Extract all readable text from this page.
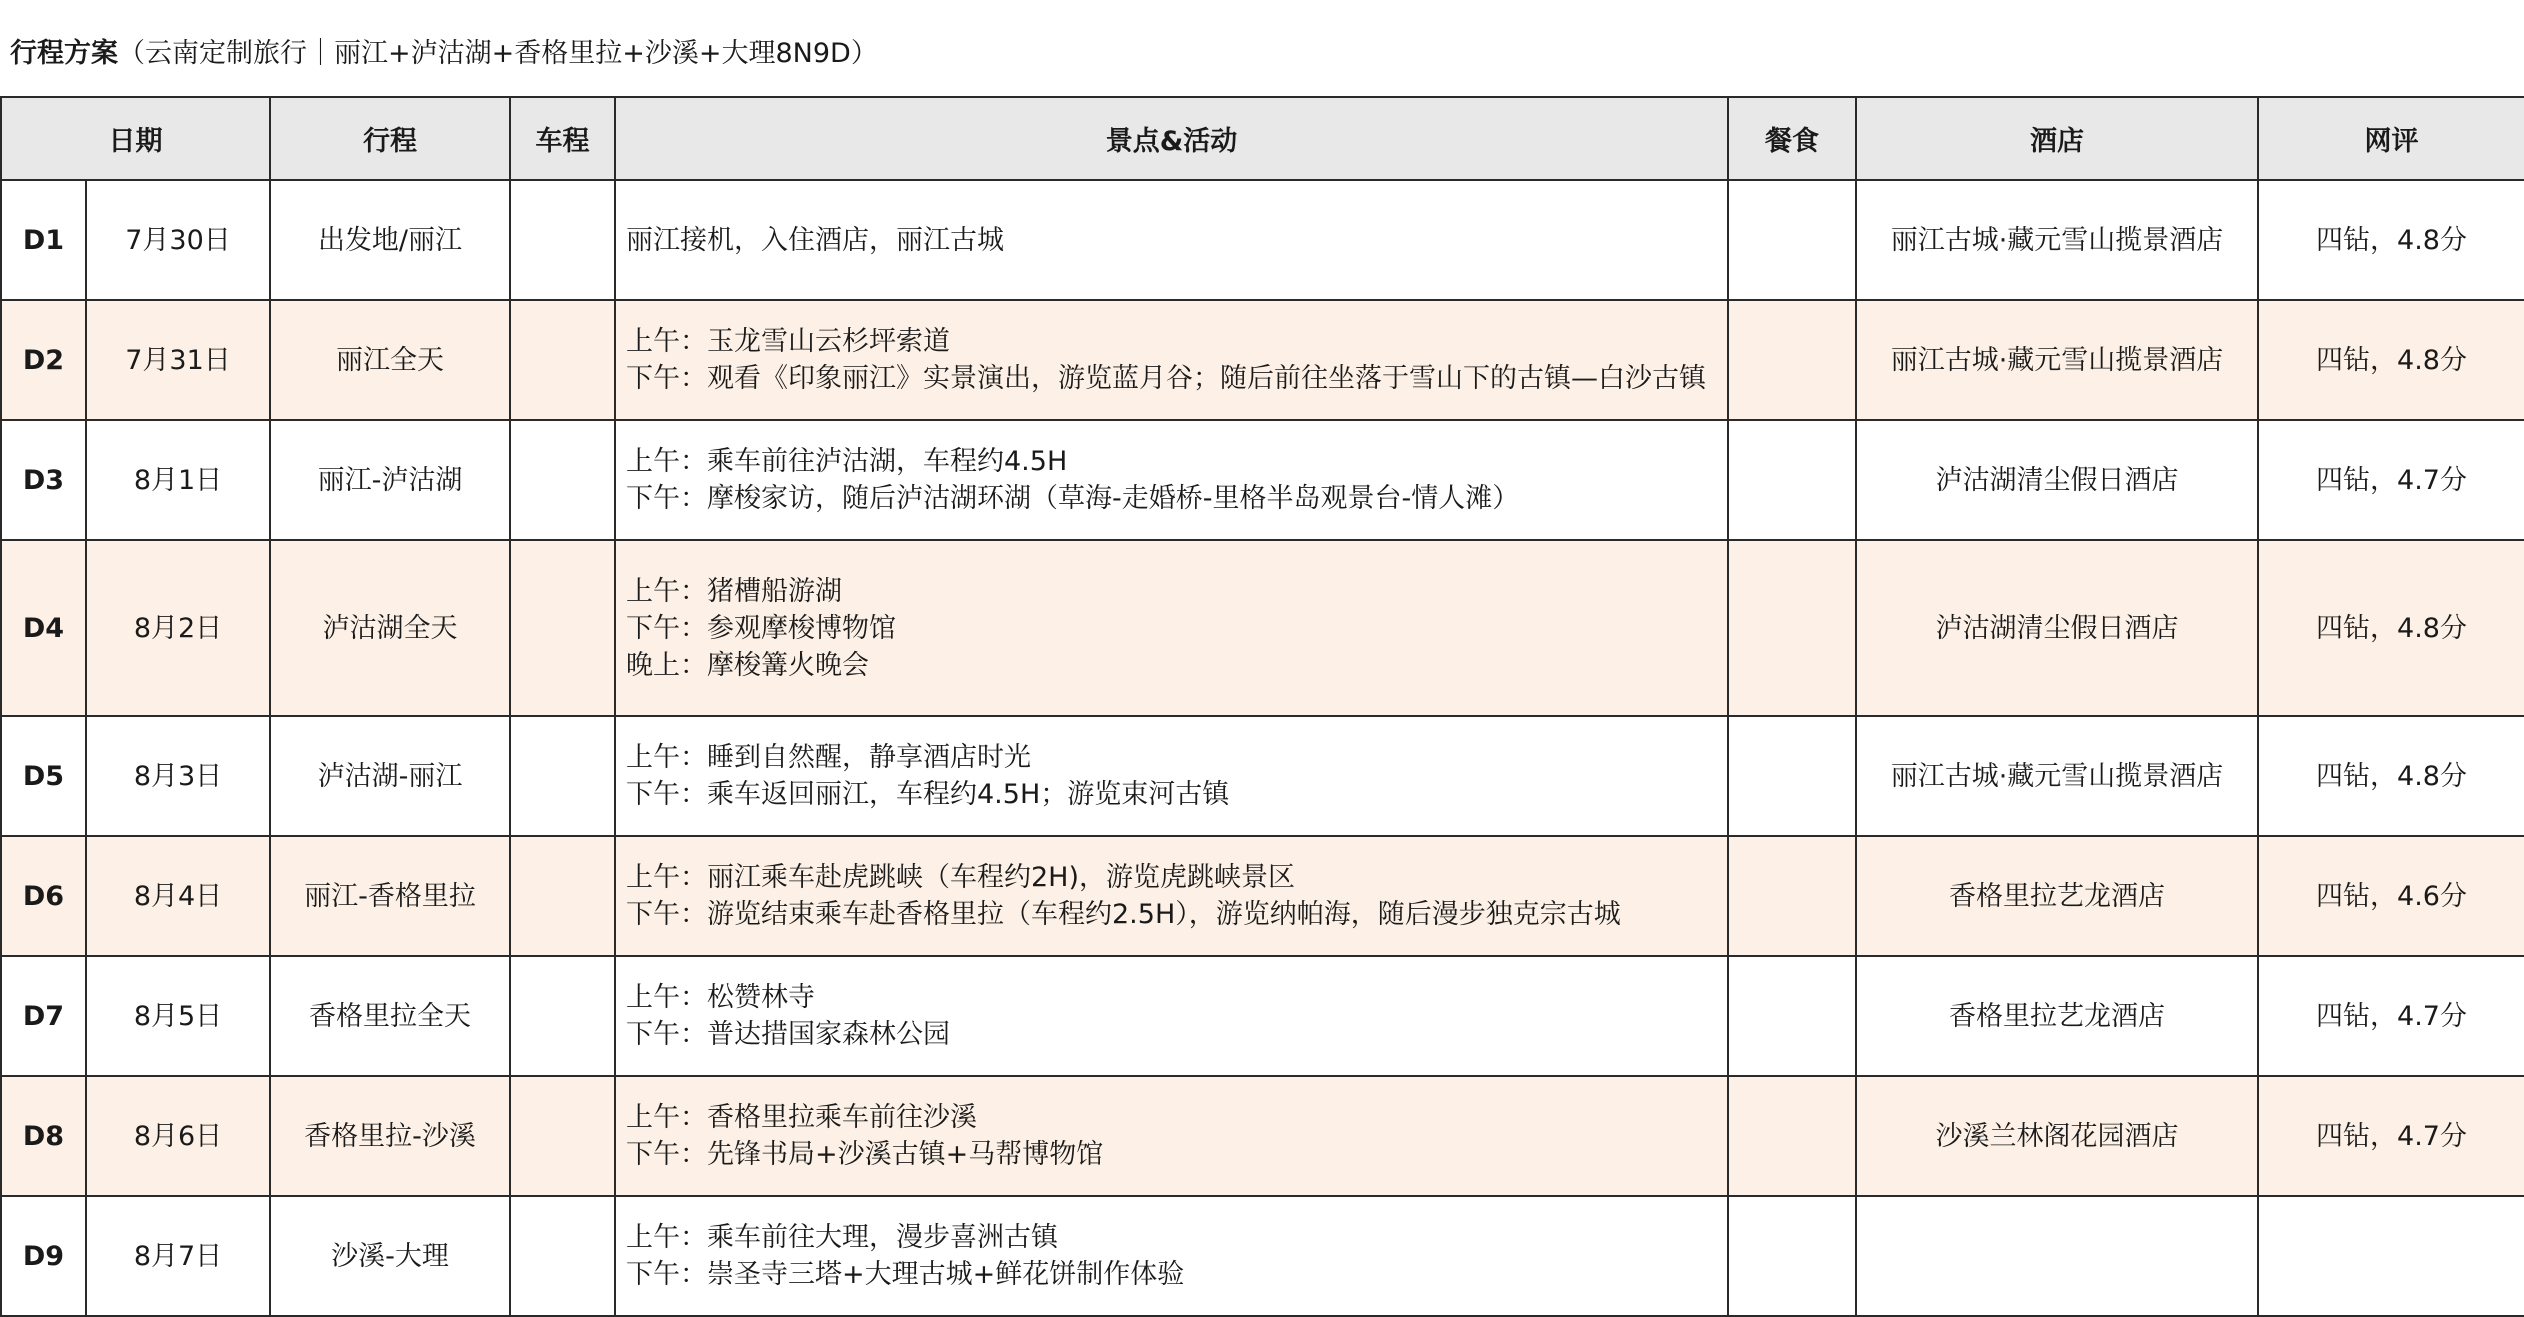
行程方案 （云南定制旅行｜丽江+泸沽湖+香格里拉+沙溪+大理8N9D）
日期		行程	车程	景点&活动	餐食	酒店	网评
D1	7月30日	出发地/丽江		丽江接机，入住酒店，丽江古城		丽江古城·藏元雪山揽景酒店	四钻，4.8分
D2	7月31日	丽江全天		上午：玉龙雪山云杉坪索道
下午：观看《印象丽江》实景演出，游览蓝月谷；随后前往坐落于雪山下的古镇—白沙古镇		丽江古城·藏元雪山揽景酒店	四钻，4.8分
D3	8月1日	丽江-泸沽湖		上午：乘车前往泸沽湖，车程约4.5H
下午：摩梭家访，随后泸沽湖环湖（草海-走婚桥-里格半岛观景台-情人滩）		泸沽湖清尘假日酒店	四钻，4.7分
D4	8月2日	泸沽湖全天		上午：猪槽船游湖
下午：参观摩梭博物馆
晚上：摩梭篝火晚会		泸沽湖清尘假日酒店	四钻，4.8分
D5	8月3日	泸沽湖-丽江		上午：睡到自然醒，静享酒店时光
下午：乘车返回丽江，车程约4.5H；游览束河古镇		丽江古城·藏元雪山揽景酒店	四钻，4.8分
D6	8月4日	丽江-香格里拉		上午：丽江乘车赴虎跳峡（车程约2H)，游览虎跳峡景区
下午：游览结束乘车赴香格里拉（车程约2.5H），游览纳帕海，随后漫步独克宗古城		香格里拉艺龙酒店	四钻，4.6分
D7	8月5日	香格里拉全天		上午：松赞林寺
下午：普达措国家森林公园		香格里拉艺龙酒店	四钻，4.7分
D8	8月6日	香格里拉-沙溪		上午：香格里拉乘车前往沙溪
下午：先锋书局+沙溪古镇+马帮博物馆		沙溪兰林阁花园酒店	四钻，4.7分
D9	8月7日	沙溪-大理		上午：乘车前往大理，漫步喜洲古镇
下午：崇圣寺三塔+大理古城+鲜花饼制作体验			
